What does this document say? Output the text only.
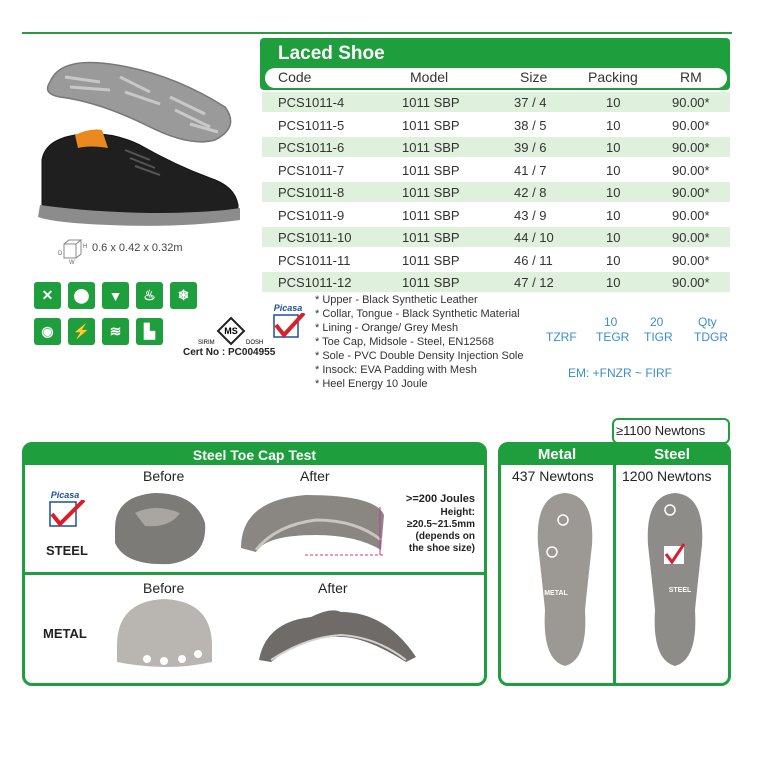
D
H
W
0.6 x 0.42 x 0.32m
Laced Shoe
Code	Model	Size	Packing	RM
PCS1011-4	1011 SBP	37 / 4	10	90.00*
PCS1011-5	1011 SBP	38 / 5	10	90.00*
PCS1011-6	1011 SBP	39 / 6	10	90.00*
PCS1011-7	1011 SBP	41 / 7	10	90.00*
PCS1011-8	1011 SBP	42 / 8	10	90.00*
PCS1011-9	1011 SBP	43 / 9	10	90.00*
PCS1011-10	1011 SBP	44 / 10	10	90.00*
PCS1011-11	1011 SBP	46 / 11	10	90.00*
PCS1011-12	1011 SBP	47 / 12	10	90.00*
✕	⬤	▼	♨	❄
◉	⚡	≋	▙	MS
SIRIM	DOSH
Cert No : PC004955
Picasa
* Upper - Black Synthetic Leather
* Collar, Tongue - Black Synthetic Material
* Lining - Orange/ Grey Mesh
* Toe Cap, Midsole - Steel, EN12568
* Sole - PVC Double Density Injection Sole
* Insock: EVA Padding with Mesh
* Heel Energy 10 Joule
TZRF
10
TEGR
20
TIGR
Qty
TDGR
EM: +FNZR ~ FIRF
Steel Toe Cap Test
Before	After
Picasa
STEEL
>=200 Joules
Height:
≥20.5~21.5mm
(depends on
the shoe size)
Before	After
METAL
≥1100 Newtons
Metal	Steel
437 Newtons 1200 Newtons
METAL	STEEL
